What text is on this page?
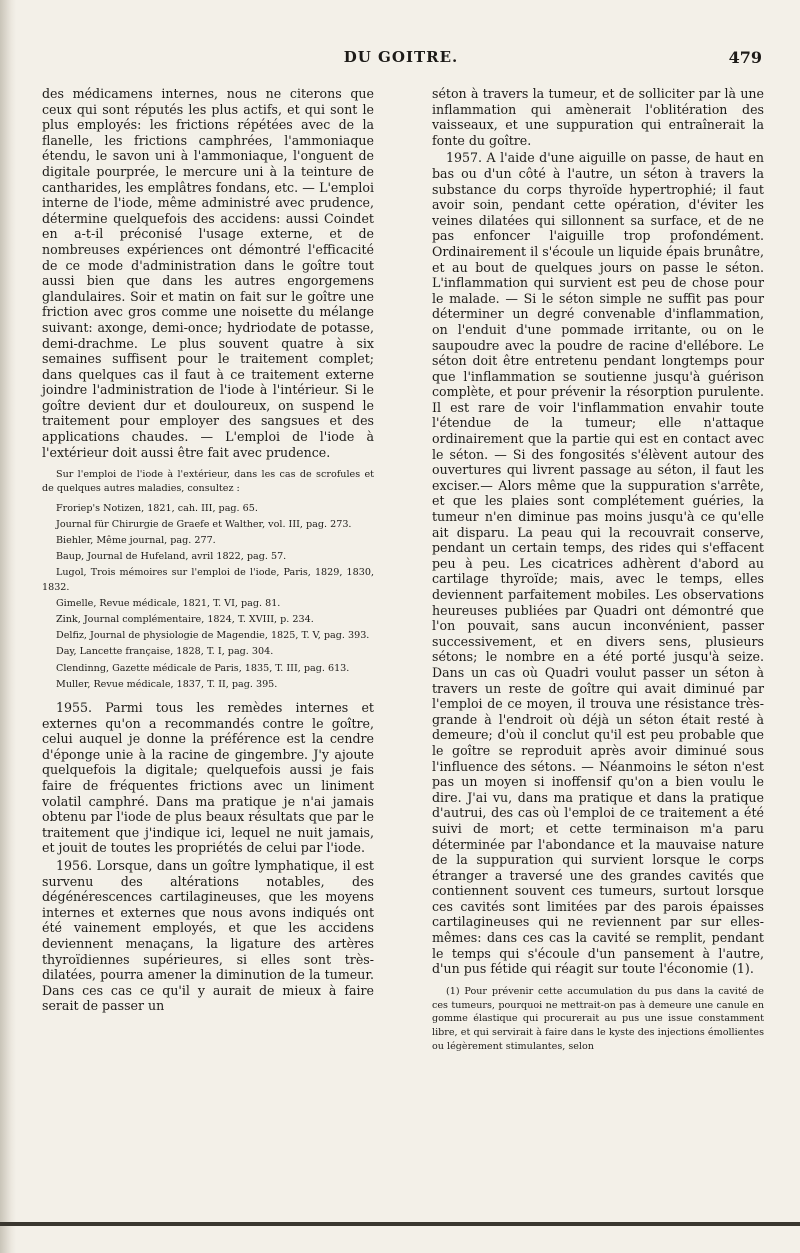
DU GOITRE.	479

des médicamens internes, nous ne citerons que ceux qui sont réputés les plus actifs, et qui sont le plus employés: les frictions répétées avec de la flanelle, les frictions camphrées, l'ammoniaque étendu, le savon uni à l'ammoniaque, l'onguent de digitale pourprée, le mercure uni à la teinture de cantharides, les emplâtres fondans, etc. — L'emploi interne de l'iode, même administré avec prudence, détermine quelquefois des accidens: aussi Coindet en a-t-il préconisé l'usage externe, et de nombreuses expériences ont démontré l'efficacité de ce mode d'administration dans le goître tout aussi bien que dans les autres engorgemens glandulaires. Soir et matin on fait sur le goître une friction avec gros comme une noisette du mélange suivant: axonge, demi-once; hydriodate de potasse, demi-drachme. Le plus souvent quatre à six semaines suffisent pour le traitement complet; dans quelques cas il faut à ce traitement externe joindre l'administration de l'iode à l'intérieur. Si le goître devient dur et douloureux, on suspend le traitement pour employer des sangsues et des applications chaudes. — L'emploi de l'iode à l'extérieur doit aussi être fait avec prudence.

Sur l'emploi de l'iode à l'extérieur, dans les cas de scrofules et de quelques autres maladies, consultez :

Froriep's Notizen, 1821, cah. III, pag. 65.

Journal für Chirurgie de Graefe et Walther, vol. III, pag. 273.

Biehler, Même journal, pag. 277.

Baup, Journal de Hufeland, avril 1822, pag. 57.

Lugol, Trois mémoires sur l'emploi de l'iode, Paris, 1829, 1830, 1832.

Gimelle, Revue médicale, 1821, T. VI, pag. 81.

Zink, Journal complémentaire, 1824, T. XVIII, p. 234.

Delfiz, Journal de physiologie de Magendie, 1825, T. V, pag. 393.

Day, Lancette française, 1828, T. I, pag. 304.

Clendinng, Gazette médicale de Paris, 1835, T. III, pag. 613.

Muller, Revue médicale, 1837, T. II, pag. 395.

1955. Parmi tous les remèdes internes et externes qu'on a recommandés contre le goître, celui auquel je donne la préférence est la cendre d'éponge unie à la racine de gingembre. J'y ajoute quelquefois la digitale; quelquefois aussi je fais faire de fréquentes frictions avec un liniment volatil camphré. Dans ma pratique je n'ai jamais obtenu par l'iode de plus beaux résultats que par le traitement que j'indique ici, lequel ne nuit jamais, et jouit de toutes les propriétés de celui par l'iode.

1956. Lorsque, dans un goître lymphatique, il est survenu des altérations notables, des dégénérescences cartilagineuses, que les moyens internes et externes que nous avons indiqués ont été vainement employés, et que les accidens deviennent menaçans, la ligature des artères thyroïdiennes supérieures, si elles sont très-dilatées, pourra amener la diminution de la tumeur. Dans ces cas ce qu'il y aurait de mieux à faire serait de passer un

séton à travers la tumeur, et de solliciter par là une inflammation qui amènerait l'oblitération des vaisseaux, et une suppuration qui entraînerait la fonte du goître.

1957. A l'aide d'une aiguille on passe, de haut en bas ou d'un côté à l'autre, un séton à travers la substance du corps thyroïde hypertrophié; il faut avoir soin, pendant cette opération, d'éviter les veines dilatées qui sillonnent sa surface, et de ne pas enfoncer l'aiguille trop profondément. Ordinairement il s'écoule un liquide épais brunâtre, et au bout de quelques jours on passe le séton. L'inflammation qui survient est peu de chose pour le malade. — Si le séton simple ne suffit pas pour déterminer un degré convenable d'inflammation, on l'enduit d'une pommade irritante, ou on le saupoudre avec la poudre de racine d'ellébore. Le séton doit être entretenu pendant longtemps pour que l'inflammation se soutienne jusqu'à guérison complète, et pour prévenir la résorption purulente. Il est rare de voir l'inflammation envahir toute l'étendue de la tumeur; elle n'attaque ordinairement que la partie qui est en contact avec le séton. — Si des fongosités s'élèvent autour des ouvertures qui livrent passage au séton, il faut les exciser.— Alors même que la suppuration s'arrête, et que les plaies sont complétement guéries, la tumeur n'en diminue pas moins jusqu'à ce qu'elle ait disparu. La peau qui la recouvrait conserve, pendant un certain temps, des rides qui s'effacent peu à peu. Les cicatrices adhèrent d'abord au cartilage thyroïde; mais, avec le temps, elles deviennent parfaitement mobiles. Les observations heureuses publiées par Quadri ont démontré que l'on pouvait, sans aucun inconvénient, passer successivement, et en divers sens, plusieurs sétons; le nombre en a été porté jusqu'à seize. Dans un cas où Quadri voulut passer un séton à travers un reste de goître qui avait diminué par l'emploi de ce moyen, il trouva une résistance très-grande à l'endroit où déjà un séton était resté à demeure; d'où il conclut qu'il est peu probable que le goître se reproduit après avoir diminué sous l'influence des sétons. — Néanmoins le séton n'est pas un moyen si inoffensif qu'on a bien voulu le dire. J'ai vu, dans ma pratique et dans la pratique d'autrui, des cas où l'emploi de ce traitement a été suivi de mort; et cette terminaison m'a paru déterminée par l'abondance et la mauvaise nature de la suppuration qui survient lorsque le corps étranger a traversé une des grandes cavités que contiennent souvent ces tumeurs, surtout lorsque ces cavités sont limitées par des parois épaisses cartilagineuses qui ne reviennent par sur elles-mêmes: dans ces cas la cavité se remplit, pendant le temps qui s'écoule d'un pansement à l'autre, d'un pus fétide qui réagit sur toute l'économie (1).

(1) Pour prévenir cette accumulation du pus dans la cavité de ces tumeurs, pourquoi ne mettrait-on pas à demeure une canule en gomme élastique qui procurerait au pus une issue constamment libre, et qui servirait à faire dans le kyste des injections émollientes ou légèrement stimulantes, selon
